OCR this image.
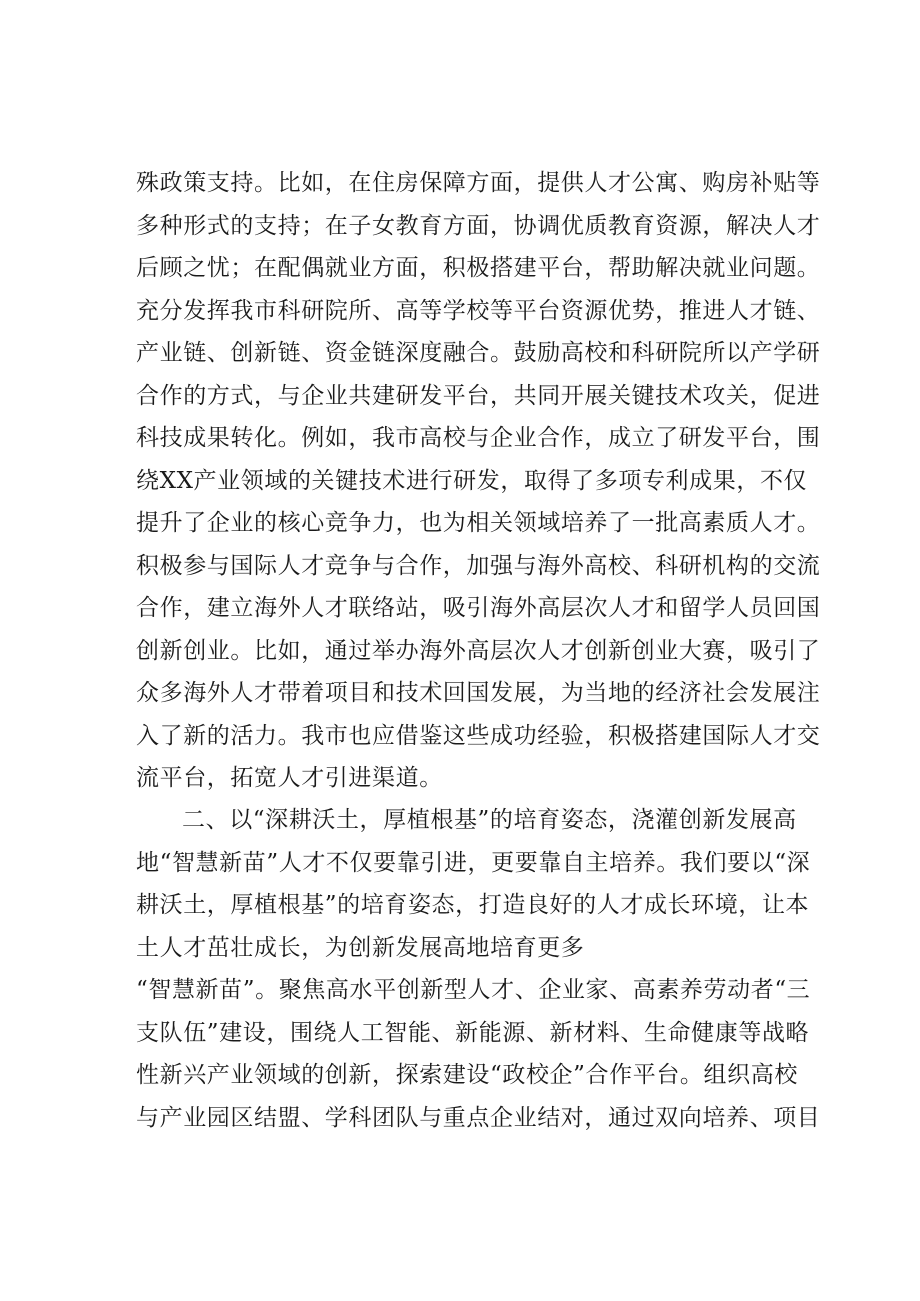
殊政策支持。比如，在住房保障方面，提供人才公寓、购房补贴等
多种形式的支持；在子女教育方面，协调优质教育资源，解决人才
后顾之忧；在配偶就业方面，积极搭建平台，帮助解决就业问题。
充分发挥我市科研院所、高等学校等平台资源优势，推进人才链、
产业链、创新链、资金链深度融合。鼓励高校和科研院所以产学研
合作的方式，与企业共建研发平台，共同开展关键技术攻关，促进
科技成果转化。例如，我市高校与企业合作，成立了研发平台，围
绕XX产业领域的关键技术进行研发，取得了多项专利成果，不仅
提升了企业的核心竞争力，也为相关领域培养了一批高素质人才。
积极参与国际人才竞争与合作，加强与海外高校、科研机构的交流
合作，建立海外人才联络站，吸引海外高层次人才和留学人员回国
创新创业。比如，通过举办海外高层次人才创新创业大赛，吸引了
众多海外人才带着项目和技术回国发展，为当地的经济社会发展注
入了新的活力。我市也应借鉴这些成功经验，积极搭建国际人才交
流平台，拓宽人才引进渠道。
二、以“深耕沃土，厚植根基”的培育姿态，浇灌创新发展高
地“智慧新苗”人才不仅要靠引进，更要靠自主培养。我们要以“深
耕沃土，厚植根基”的培育姿态，打造良好的人才成长环境，让本
土人才茁壮成长，为创新发展高地培育更多
“智慧新苗”。聚焦高水平创新型人才、企业家、高素养劳动者“三
支队伍”建设，围绕人工智能、新能源、新材料、生命健康等战略
性新兴产业领域的创新，探索建设“政校企”合作平台。组织高校
与产业园区结盟、学科团队与重点企业结对，通过双向培养、项目
